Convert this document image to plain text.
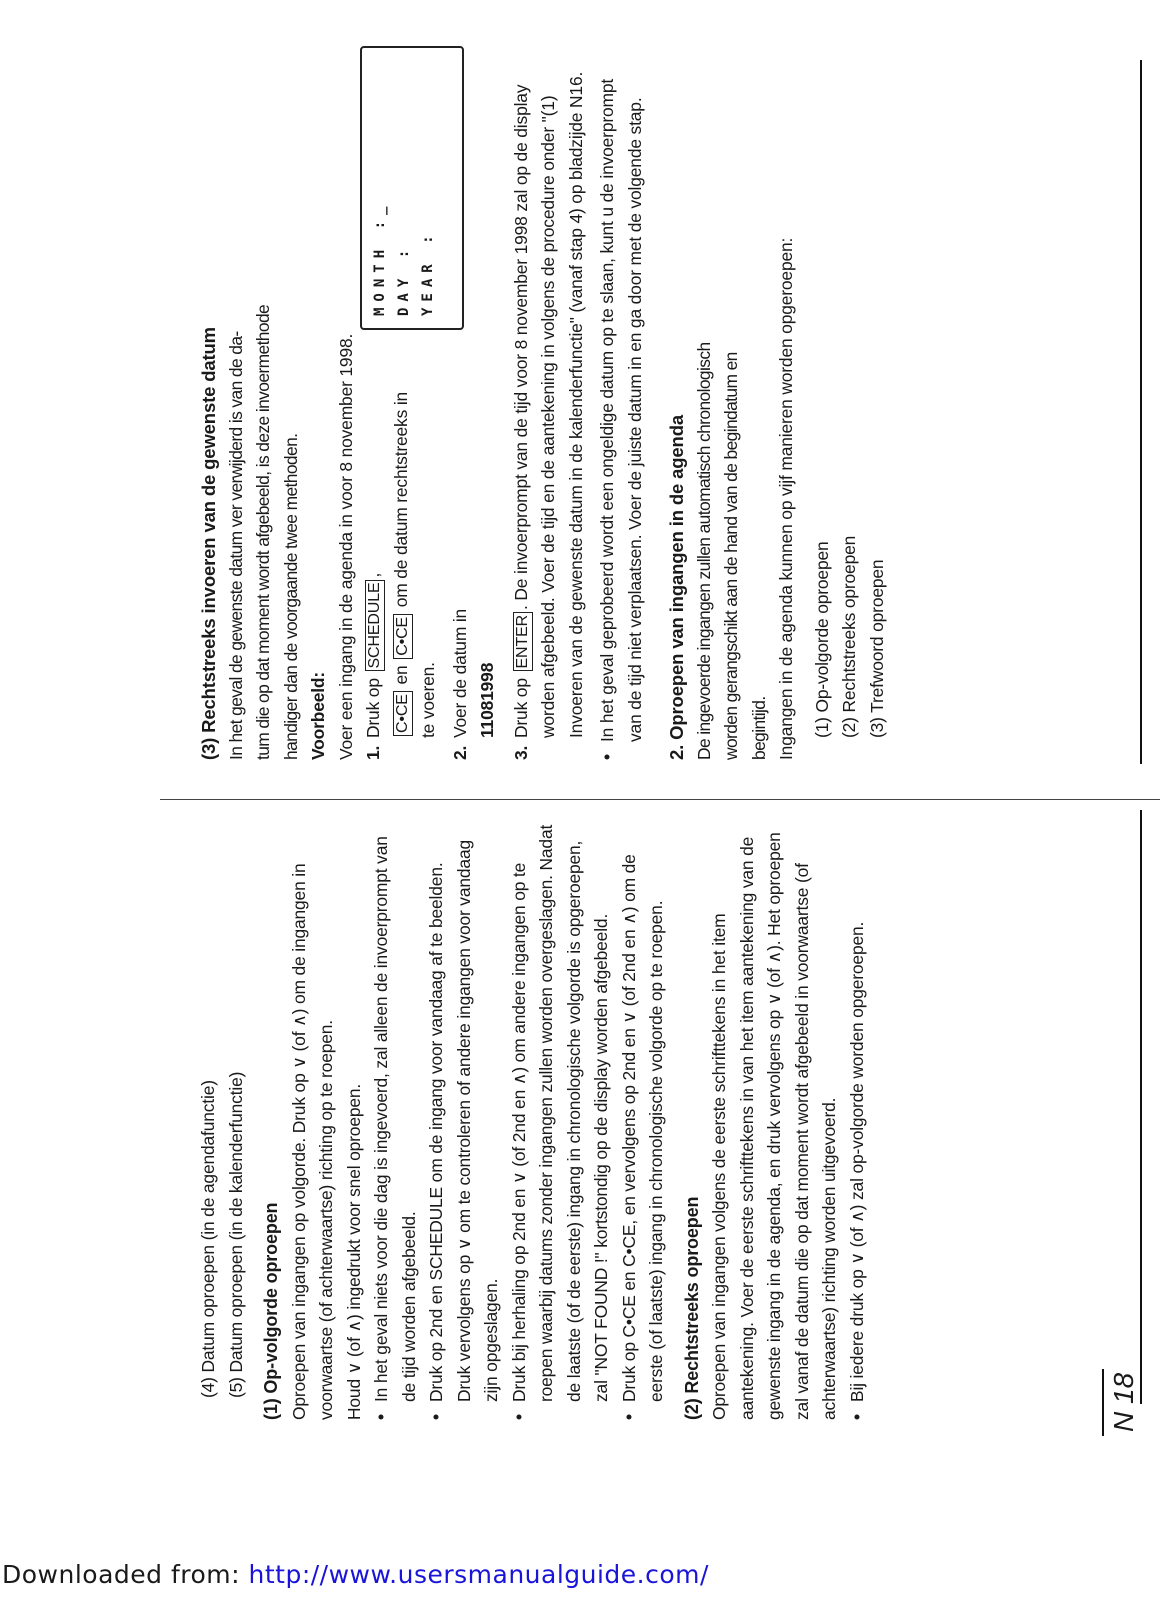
(3) Rechtstreeks invoeren van de gewenste datum In het geval de gewenste datum ver verwijderd is van de da- tum die op dat moment wordt afgebeeld, is deze invoermethode handiger dan de voorgaande twee methoden. Voorbeeld: Voer een ingang in de agenda in voor 8 november 1998. 1.
Druk op SCHEDULE,
C•CE en C•CE om de datum rechtstreeks in te voeren.
MONTH :_ DAY : YEAR :
2.
Voer de datum in 11081998
3.
Druk op ENTER. De invoerprompt van de tijd voor 8 november 1998 zal op de display worden afgebeeld. Voer de tijd en de aantekening in volgens de procedure onder "(1) Invoeren van de gewenste datum in de kalenderfunctie" (vanaf stap 4) op bladzijde N16.
•
In het geval geprobeerd wordt een ongeldige datum op te slaan, kunt u de invoerprompt van de tijd niet verplaatsen. Voer de juiste datum in en ga door met de volgende stap. 2. Oproepen van ingangen in de agenda De ingevoerde ingangen zullen automatisch chronologisch worden gerangschikt aan de hand van de begindatum en begintijd. Ingangen in de agenda kunnen op vijf manieren worden opgeroepen: (1) Op-volgorde oproepen (2) Rechtstreeks oproepen (3) Trefwoord oproepen

(4) Datum oproepen (in de agendafunctie) (5) Datum oproepen (in de kalenderfunctie) (1) Op-volgorde oproepen Oproepen van ingangen op volgorde. Druk op ∨ (of ∧) om de ingangen in voorwaartse (of achterwaartse) richting op te roepen. Houd ∨ (of ∧) ingedrukt voor snel oproepen. •
In het geval niets voor die dag is ingevoerd, zal alleen de invoerprompt van de tijd worden afgebeeld.
•
Druk op 2nd en SCHEDULE om de ingang voor vandaag af te beelden. Druk vervolgens op ∨ om te controleren of andere ingangen voor vandaag zijn opgeslagen.
•
Druk bij herhaling op 2nd en ∨ (of 2nd en ∧) om andere ingangen op te roepen waarbij datums zonder ingangen zullen worden overgeslagen. Nadat de laatste (of de eerste) ingang in chronologische volgorde is opgeroepen, zal "NOT FOUND !" kortstondig op de display worden afgebeeld.
•
Druk op C•CE en C•CE, en vervolgens op 2nd en ∨ (of 2nd en ∧) om de eerste (of laatste) ingang in chronologische volgorde op te roepen. (2) Rechtstreeks oproepen Oproepen van ingangen volgens de eerste schrifttekens in het item aantekening. Voer de eerste schrifttekens in van het item aantekening van de gewenste ingang in de agenda, en druk vervolgens op ∨ (of ∧). Het oproepen zal vanaf de datum die op dat moment wordt afgebeeld in voorwaartse (of achterwaartse) richting worden uitgevoerd. •
Bij iedere druk op ∨ (of ∧) zal op-volgorde worden opgeroepen.
N 18
Downloaded from: http://www.usersmanualguide.com/
